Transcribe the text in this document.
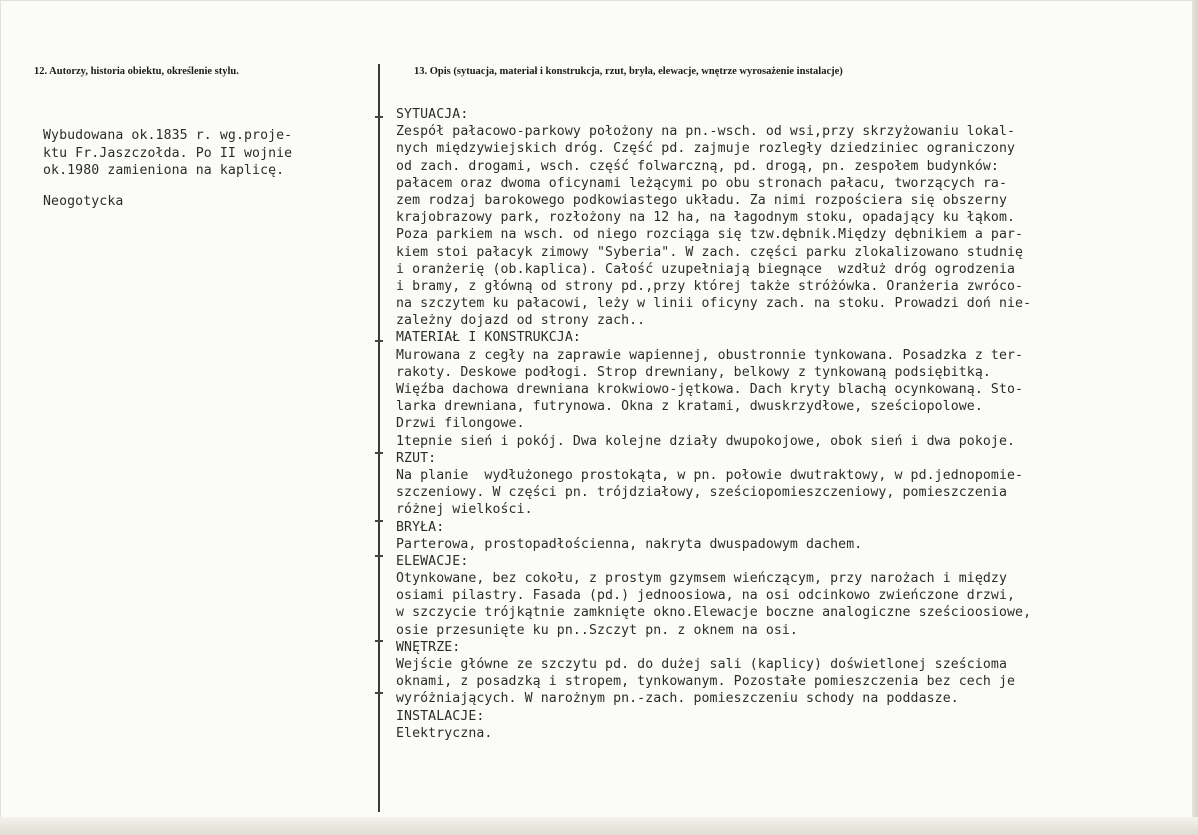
12. Autorzy, historia obiektu, określenie stylu.	13. Opis (sytuacja, materiał i konstrukcja, rzut, bryła, elewacje, wnętrze wyrosażenie instalacje)

Wybudowana ok.1835 r. wg.proje-

ktu Fr.Jaszczołda. Po II wojnie

ok.1980 zamieniona na kaplicę.

Neogotycka

SYTUACJA:
Zespół pałacowo-parkowy położony na pn.-wsch. od wsi,przy skrzyżowaniu lokal-
nych międzywiejskich dróg. Część pd. zajmuje rozległy dziedziniec ograniczony
od zach. drogami, wsch. część folwarczną, pd. drogą, pn. zespołem budynków:
pałacem oraz dwoma oficynami leżącymi po obu stronach pałacu, tworzących ra-
zem rodzaj barokowego podkowiastego układu. Za nimi rozpościera się obszerny
krajobrazowy park, rozłożony na 12 ha, na łagodnym stoku, opadający ku łąkom.
Poza parkiem na wsch. od niego rozciąga się tzw.dębnik.Między dębnikiem a par-
kiem stoi pałacyk zimowy "Syberia". W zach. części parku zlokalizowano studnię
i oranżerię (ob.kaplica). Całość uzupełniają biegnące  wzdłuż dróg ogrodzenia
i bramy, z główną od strony pd.,przy której także stróżówka. Oranżeria zwróco-
na szczytem ku pałacowi, leży w linii oficyny zach. na stoku. Prowadzi doń nie-
zależny dojazd od strony zach..
MATERIAŁ I KONSTRUKCJA:
Murowana z cegły na zaprawie wapiennej, obustronnie tynkowana. Posadzka z ter-
rakoty. Deskowe podłogi. Strop drewniany, belkowy z tynkowaną podsiębitką.
Więźba dachowa drewniana krokwiowo-jętkowa. Dach kryty blachą ocynkowaną. Sto-
larka drewniana, futrynowa. Okna z kratami, dwuskrzydłowe, sześciopolowe.
Drzwi filongowe.
1tepnie sień i pokój. Dwa kolejne działy dwupokojowe, obok sień i dwa pokoje.
RZUT:
Na planie  wydłużonego prostokąta, w pn. połowie dwutraktowy, w pd.jednopomie-
szczeniowy. W części pn. trójdziałowy, sześciopomieszczeniowy, pomieszczenia
różnej wielkości.
BRYŁA:
Parterowa, prostopadłościenna, nakryta dwuspadowym dachem.
ELEWACJE:
Otynkowane, bez cokołu, z prostym gzymsem wieńczącym, przy narożach i między
osiami pilastry. Fasada (pd.) jednoosiowa, na osi odcinkowo zwieńczone drzwi,
w szczycie trójkątnie zamknięte okno.Elewacje boczne analogiczne sześcioosiowe,
osie przesunięte ku pn..Szczyt pn. z oknem na osi.
WNĘTRZE:
Wejście główne ze szczytu pd. do dużej sali (kaplicy) doświetlonej sześcioma
oknami, z posadzką i stropem, tynkowanym. Pozostałe pomieszczenia bez cech je
wyróżniających. W narożnym pn.-zach. pomieszczeniu schody na poddasze.
INSTALACJE:
Elektryczna.
